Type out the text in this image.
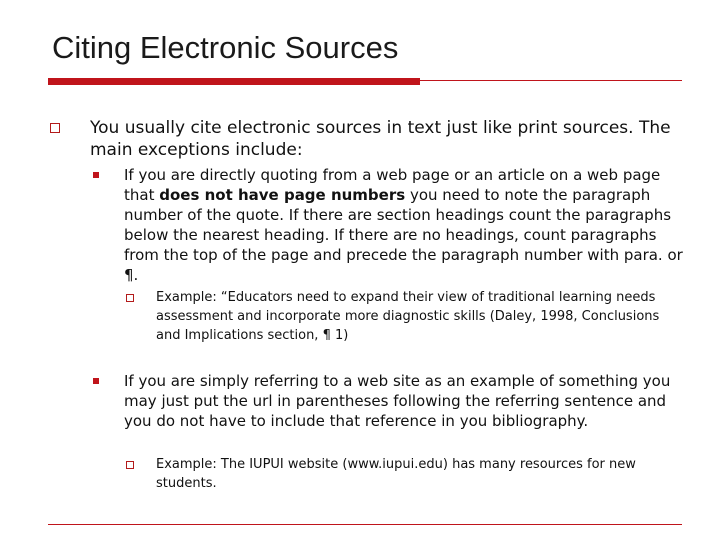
Citing Electronic Sources
You usually cite electronic sources in text just like print sources. The main exceptions include:
If you are directly quoting from a web page or an article on a web page that does not have page numbers you need to note the paragraph number of the quote. If there are section headings count the paragraphs below the nearest heading. If there are no headings, count paragraphs from the top of the page and precede the paragraph number with para. or ¶.
Example: “Educators need to expand their view of traditional learning needs assessment and incorporate more diagnostic skills (Daley, 1998, Conclusions and Implications section, ¶ 1)
If you are simply referring to a web site as an example of something you may just put the url in parentheses following the referring sentence and you do not have to include that reference in you bibliography.
Example: The IUPUI website (www.iupui.edu) has many resources for new students.
